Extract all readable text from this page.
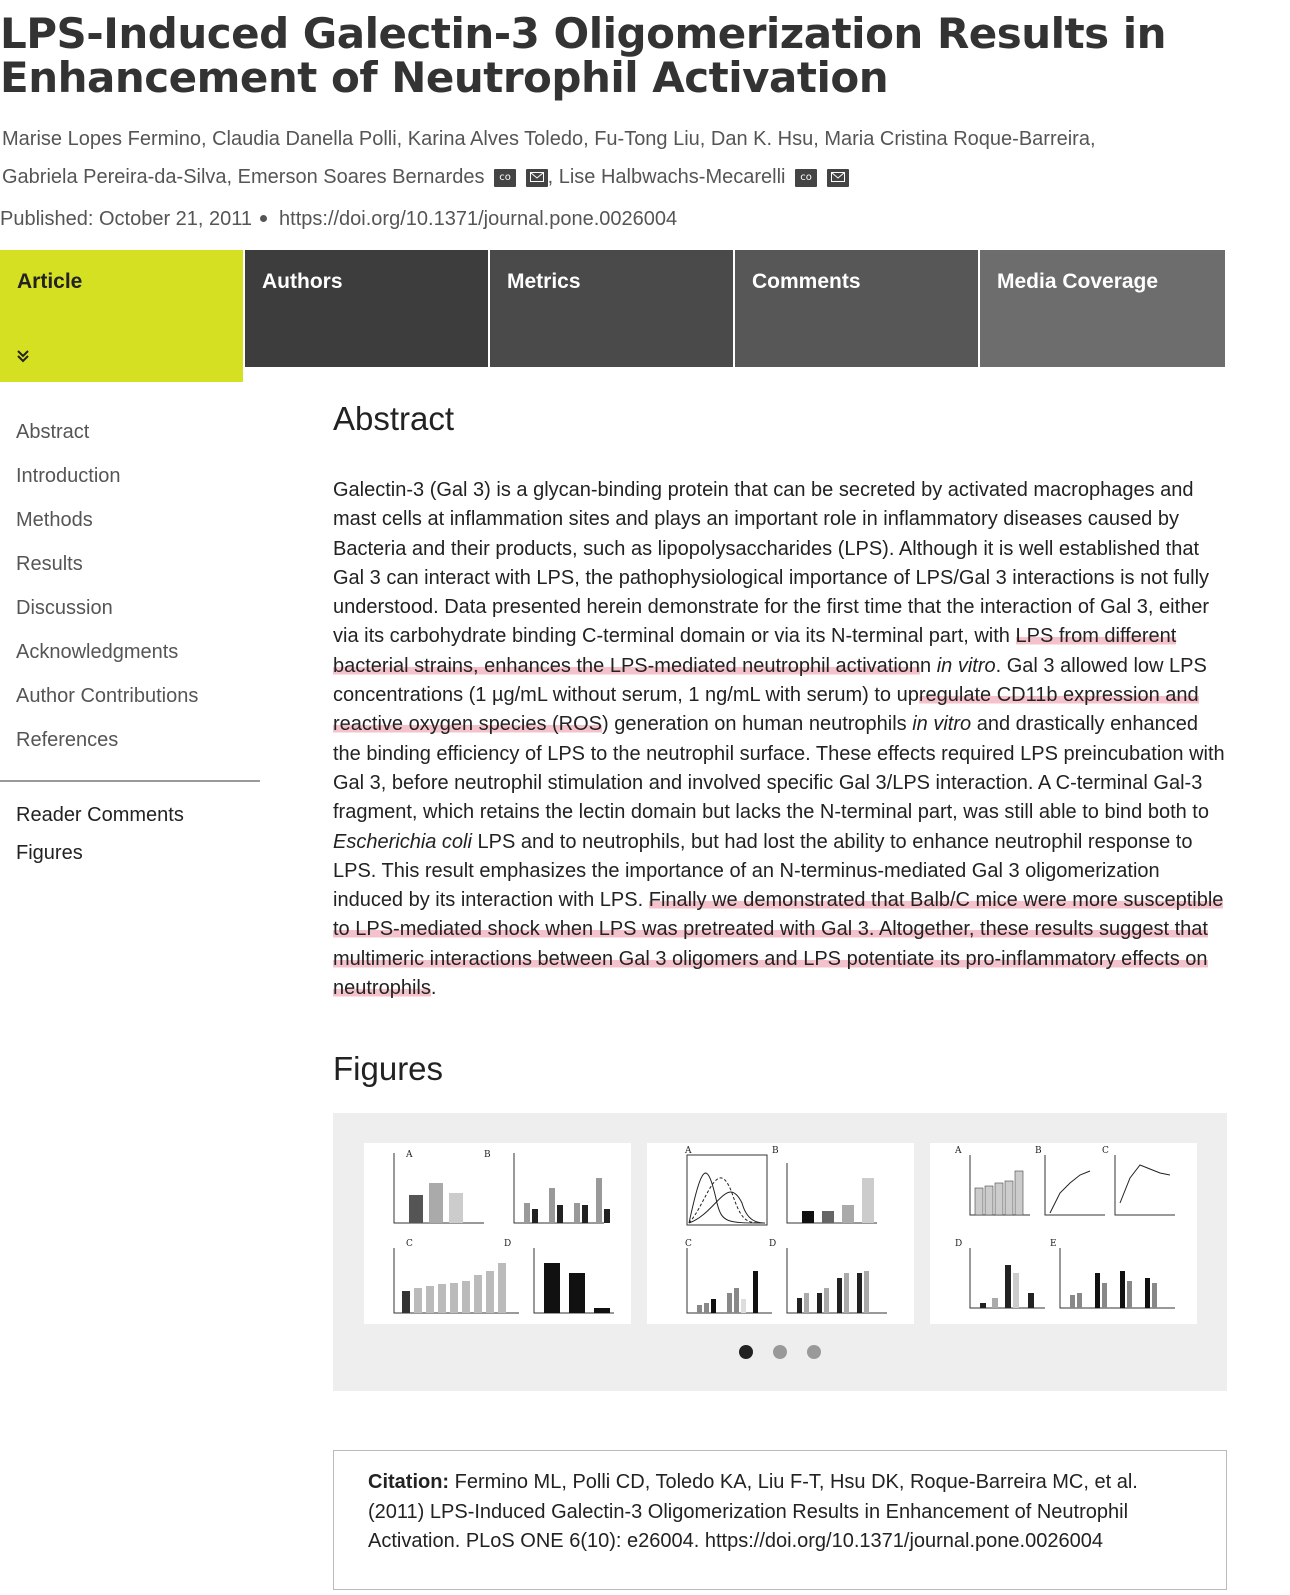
LPS-Induced Galectin-3 Oligomerization Results in Enhancement of Neutrophil Activation
Marise Lopes Fermino, Claudia Danella Polli, Karina Alves Toledo, Fu-Tong Liu, Dan K. Hsu, Maria Cristina Roque-Barreira,
Gabriela Pereira-da-Silva, Emerson Soares Bernardes co , Lise Halbwachs-Mecarelli co
Published: October 21, 2011 https://doi.org/10.1371/journal.pone.0026004
Article	Authors	Metrics	Comments	Media Coverage
Abstract
Introduction
Methods
Results
Discussion
Acknowledgments
Author Contributions
References
Reader Comments
Figures
Abstract
Galectin-3 (Gal 3) is a glycan-binding protein that can be secreted by activated macrophages and mast cells at inflammation sites and plays an important role in inflammatory diseases caused by Bacteria and their products, such as lipopolysaccharides (LPS). Although it is well established that Gal 3 can interact with LPS, the pathophysiological importance of LPS/Gal 3 interactions is not fully understood. Data presented herein demonstrate for the first time that the interaction of Gal 3, either via its carbohydrate binding C-terminal domain or via its N-terminal part, with LPS from different bacterial strains, enhances the LPS-mediated neutrophil activationn in vitro. Gal 3 allowed low LPS concentrations (1 µg/mL without serum, 1 ng/mL with serum) to upregulate CD11b expression and reactive oxygen species (ROS) generation on human neutrophils in vitro and drastically enhanced the binding efficiency of LPS to the neutrophil surface. These effects required LPS preincubation with Gal 3, before neutrophil stimulation and involved specific Gal 3/LPS interaction. A C-terminal Gal-3 fragment, which retains the lectin domain but lacks the N-terminal part, was still able to bind both to Escherichia coli LPS and to neutrophils, but had lost the ability to enhance neutrophil response to LPS. This result emphasizes the importance of an N-terminus-mediated Gal 3 oligomerization induced by its interaction with LPS. Finally we demonstrated that Balb/C mice were more susceptible to LPS-mediated shock when LPS was pretreated with Gal 3. Altogether, these results suggest that multimeric interactions between Gal 3 oligomers and LPS potentiate its pro-inflammatory effects on neutrophils.
Figures
A	B
C	D
A	B
C	D
A	B	C
D	E

Citation: Fermino ML, Polli CD, Toledo KA, Liu F-T, Hsu DK, Roque-Barreira MC, et al. (2011) LPS-Induced Galectin-3 Oligomerization Results in Enhancement of Neutrophil Activation. PLoS ONE 6(10): e26004. https://doi.org/10.1371/journal.pone.0026004
